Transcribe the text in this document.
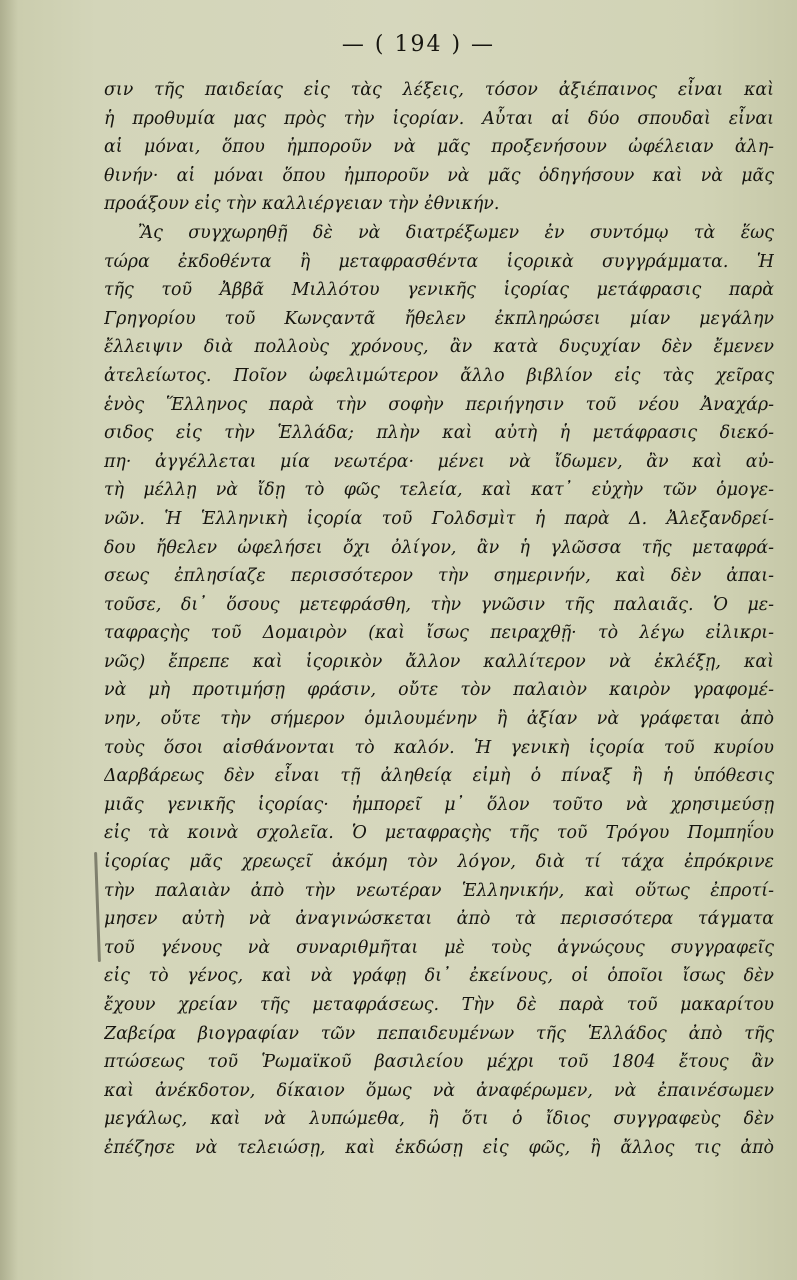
— ( 194 ) —
σιν τῆς παιδείας εἰς τὰς λέξεις, τόσον ἀξιέπαινος εἶναι καὶ
ἡ προθυμία μας πρὸς τὴν ἱςορίαν. Αὗται αἱ δύο σπουδαὶ εἶναι
αἱ μόναι, ὅπου ἠμποροῦν νὰ μᾶς προξενήσουν ὠφέλειαν ἀλη-
θινήν· αἱ μόναι ὅπου ἠμποροῦν νὰ μᾶς ὁδηγήσουν καὶ νὰ μᾶς
προάξουν εἰς τὴν καλλιέργειαν τὴν ἐθνικήν.
Ἂς συγχωρηθῇ δὲ νὰ διατρέξωμεν ἐν συντόμῳ τὰ ἕως
τώρα ἐκδοθέντα ἢ μεταφρασθέντα ἱςορικὰ συγγράμματα. Ἡ
τῆς τοῦ Ἀββᾶ Μιλλότου γενικῆς ἱςορίας μετάφρασις παρὰ
Γρηγορίου τοῦ Κωνςαντᾶ ἤθελεν ἐκπληρώσει μίαν μεγάλην
ἔλλειψιν διὰ πολλοὺς χρόνους, ἂν κατὰ δυςυχίαν δὲν ἔμενεν
ἀτελείωτος. Ποῖον ὠφελιμώτερον ἄλλο βιβλίον εἰς τὰς χεῖρας
ἑνὸς Ἕλληνος παρὰ τὴν σοφὴν περιήγησιν τοῦ νέου Ἀναχάρ-
σιδος εἰς τὴν Ἑλλάδα; πλὴν καὶ αὐτὴ ἡ μετάφρασις διεκό-
πη· ἀγγέλλεται μία νεωτέρα· μένει νὰ ἴδωμεν, ἂν καὶ αὐ-
τὴ μέλλῃ νὰ ἴδῃ τὸ φῶς τελεία, καὶ κατ᾽ εὐχὴν τῶν ὁμογε-
νῶν. Ἡ Ἑλληνικὴ ἱςορία τοῦ Γολδσμὶτ ἡ παρὰ Δ. Ἀλεξανδρεί-
δου ἤθελεν ὠφελήσει ὄχι ὀλίγον, ἂν ἡ γλῶσσα τῆς μεταφρά-
σεως ἐπλησίαζε περισσότερον τὴν σημερινήν, καὶ δὲν ἀπαι-
τοῦσε, δι᾽ ὅσους μετεφράσθη, τὴν γνῶσιν τῆς παλαιᾶς. Ὁ με-
ταφραςὴς τοῦ Δομαιρὸν (καὶ ἴσως πειραχθῇ· τὸ λέγω εἰλικρι-
νῶς) ἔπρεπε καὶ ἱςορικὸν ἄλλον καλλίτερον νὰ ἐκλέξῃ, καὶ
νὰ μὴ προτιμήσῃ φράσιν, οὔτε τὸν παλαιὸν καιρὸν γραφομέ-
νην, οὔτε τὴν σήμερον ὁμιλουμένην ἢ ἀξίαν νὰ γράφεται ἀπὸ
τοὺς ὅσοι αἰσθάνονται τὸ καλόν. Ἡ γενικὴ ἱςορία τοῦ κυρίου
Δαρβάρεως δὲν εἶναι τῇ ἀληθείᾳ εἰμὴ ὁ πίναξ ἢ ἡ ὑπόθεσις
μιᾶς γενικῆς ἱςορίας· ἠμπορεῖ μ᾽ ὅλον τοῦτο νὰ χρησιμεύσῃ
εἰς τὰ κοινὰ σχολεῖα. Ὁ μεταφραςὴς τῆς τοῦ Τρόγου Πομπηΐου
ἱςορίας μᾶς χρεωςεῖ ἀκόμη τὸν λόγον, διὰ τί τάχα ἐπρόκρινε
τὴν παλαιὰν ἀπὸ τὴν νεωτέραν Ἑλληνικήν, καὶ οὕτως ἐπροτί-
μησεν αὐτὴ νὰ ἀναγινώσκεται ἀπὸ τὰ περισσότερα τάγματα
τοῦ γένους νὰ συναριθμῆται μὲ τοὺς ἀγνώςους συγγραφεῖς
εἰς τὸ γένος, καὶ νὰ γράφῃ δι᾽ ἐκείνους, οἱ ὁποῖοι ἴσως δὲν
ἔχουν χρείαν τῆς μεταφράσεως. Τὴν δὲ παρὰ τοῦ μακαρίτου
Ζαβείρα βιογραφίαν τῶν πεπαιδευμένων τῆς Ἑλλάδος ἀπὸ τῆς
πτώσεως τοῦ Ῥωμαϊκοῦ βασιλείου μέχρι τοῦ 1804 ἔτους ἂν
καὶ ἀνέκδοτον, δίκαιον ὅμως νὰ ἀναφέρωμεν, νὰ ἐπαινέσωμεν
μεγάλως, καὶ νὰ λυπώμεθα, ἢ ὅτι ὁ ἴδιος συγγραφεὺς δὲν
ἐπέζησε νὰ τελειώσῃ, καὶ ἐκδώσῃ εἰς φῶς, ἢ ἄλλος τις ἀπὸ
